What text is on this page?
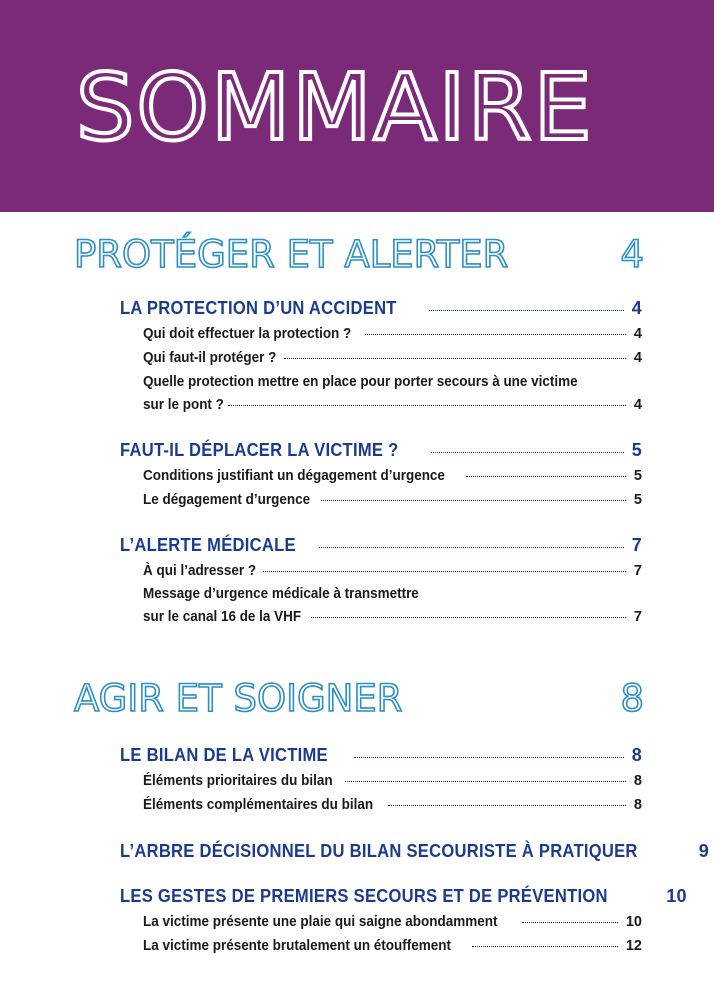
SOMMAIRE
PROTÉGER ET ALERTER	4
LA PROTECTION D’UN ACCIDENT	4
Qui doit effectuer la protection ?	4
Qui faut-il protéger ?	4
Quelle protection mettre en place pour porter secours à une victime
sur le pont ?	4
FAUT-IL DÉPLACER LA VICTIME ?	5
Conditions justifiant un dégagement d’urgence	5
Le dégagement d’urgence	5
L’ALERTE MÉDICALE	7
À qui l’adresser ?	7
Message d’urgence médicale à transmettre
sur le canal 16 de la VHF	7
AGIR ET SOIGNER	8
LE BILAN DE LA VICTIME	8
Éléments prioritaires du bilan	8
Éléments complémentaires du bilan	8
L’ARBRE DÉCISIONNEL DU BILAN SECOURISTE À PRATIQUER	9
LES GESTES DE PREMIERS SECOURS ET DE PRÉVENTION	10
La victime présente une plaie qui saigne abondamment	10
La victime présente brutalement un étouffement	12
